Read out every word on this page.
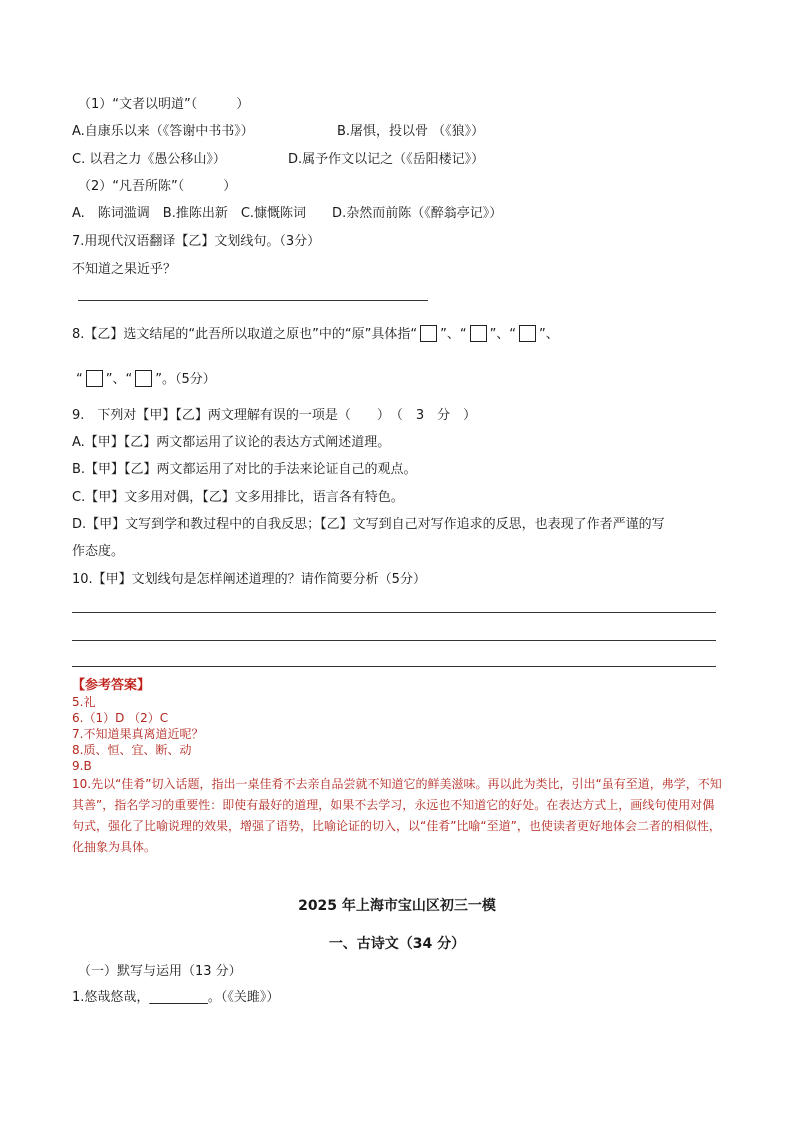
（1）“文者以明道”（　　　）
A.自康乐以来（《答谢中书书》）	B.屠惧，投以骨 （《狼》）
C. 以君之力《愚公移山》）	D.属予作文以记之（《岳阳楼记》）
（2）“凡吾所陈”（　　　）
A.　陈词滥调　B.推陈出新　C.慷慨陈词　　D.杂然而前陈（《醉翁亭记》）
7.用现代汉语翻译【乙】文划线句。（3分）
不知道之果近乎？
8.【乙】选文结尾的“此吾所以取道之原也”中的“原”具体指“ ”、“ ”、“ ”、
“ ”、“ ”。（5分）
9.　下列对【甲】【乙】两文理解有误的一项是（　　）　（　3　分　）
A.【甲】【乙】两文都运用了议论的表达方式阐述道理。
B.【甲】【乙】两文都运用了对比的手法来论证自己的观点。
C.【甲】文多用对偶，【乙】文多用排比，语言各有特色。
D.【甲】文写到学和教过程中的自我反思；【乙】文写到自己对写作追求的反思，也表现了作者严谨的写
作态度。
10.【甲】文划线句是怎样阐述道理的？请作简要分析（5分）
【参考答案】
5.礼
6.（1）D （2）C
7.不知道果真离道近呢？
8.质、恒、宜、断、动
9.B
10.先以“佳肴”切入话题，指出一桌佳肴不去亲自品尝就不知道它的鲜美滋味。再以此为类比，引出“虽有至道，弗学，不知其善”，指名学习的重要性：即使有最好的道理，如果不去学习，永远也不知道它的好处。在表达方式上，画线句使用对偶句式，强化了比喻说理的效果，增强了语势，比喻论证的切入，以“佳肴”比喻“至道”，也使读者更好地体会二者的相似性，化抽象为具体。
2025 年上海市宝山区初三一模
一、古诗文（34 分）
（一）默写与运用（13 分）
1.悠哉悠哉，_________。（《关雎》）
